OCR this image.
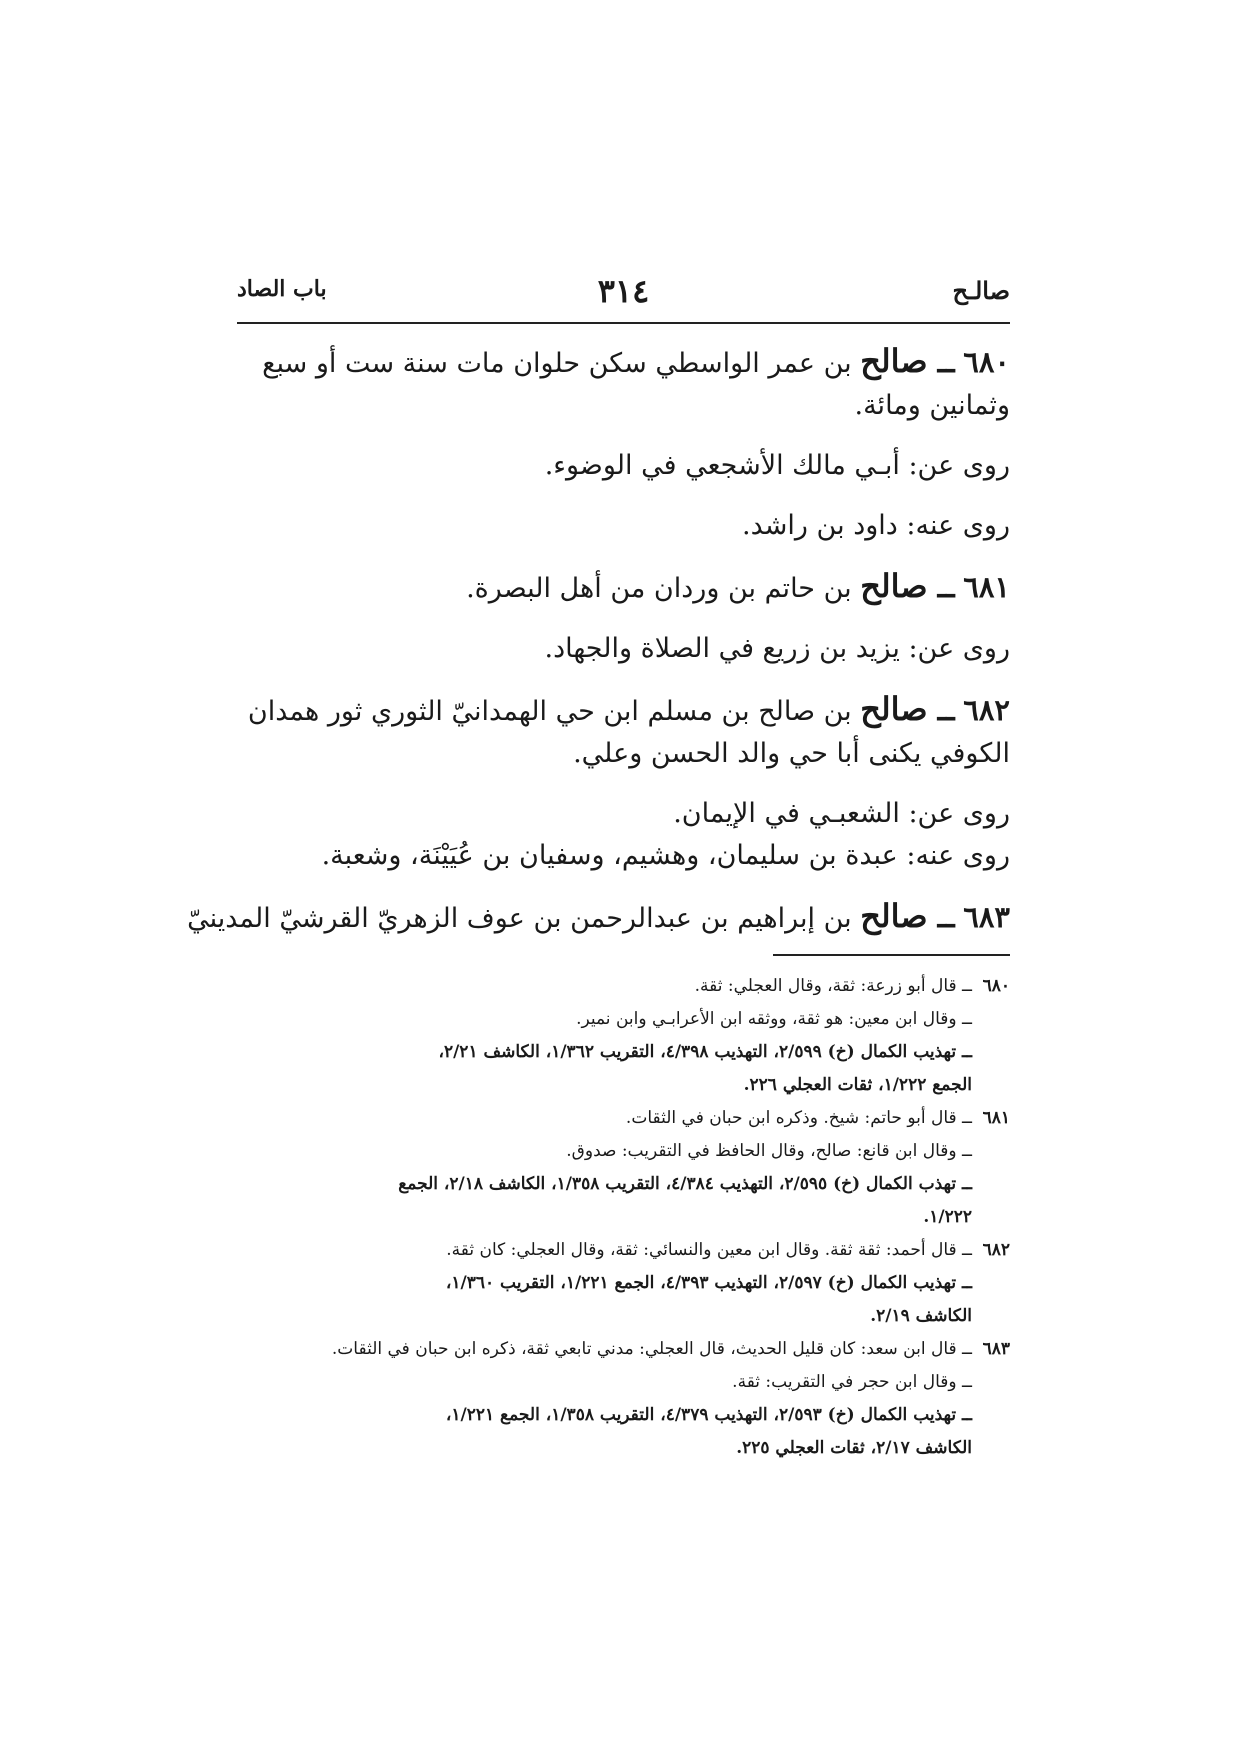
صالـح
٣١٤
باب الصاد
٦٨٠ ــ صالح بن عمر الواسطي سكن حلوان مات سنة ست أو سبع
وثمانين ومائة.
روى عن: أبـي مالك الأشجعي في الوضوء.
روى عنه: داود بن راشد.
٦٨١ ــ صالح بن حاتم بن وردان من أهل البصرة.
روى عن: يزيد بن زريع في الصلاة والجهاد.
٦٨٢ ــ صالح بن صالح بن مسلم ابن حي الهمدانيّ الثوري ثور همدان
الكوفي يكنى أبا حي والد الحسن وعلي.
روى عن: الشعبـي في الإيمان.
روى عنه: عبدة بن سليمان، وهشيم، وسفيان بن عُيَيْنَة، وشعبة.
٦٨٣ ــ صالح بن إبراهيم بن عبدالرحمن بن عوف الزهريّ القرشيّ المدينيّ
٦٨٠ــ قال أبو زرعة: ثقة، وقال العجلي: ثقة.
ــ وقال ابن معين: هو ثقة، ووثقه ابن الأعرابـي وابن نمير.
ــ تهذيب الكمال (خ) ٢/٥٩٩، التهذيب ٤/٣٩٨، التقريب ١/٣٦٢، الكاشف ٢/٢١،
الجمع ١/٢٢٢، ثقات العجلي ٢٢٦.
٦٨١ــ قال أبو حاتم: شيخ. وذكره ابن حبان في الثقات.
ــ وقال ابن قانع: صالح، وقال الحافظ في التقريب: صدوق.
ــ تهذب الكمال (خ) ٢/٥٩٥، التهذيب ٤/٣٨٤، التقريب ١/٣٥٨، الكاشف ٢/١٨، الجمع
١/٢٢٢.
٦٨٢ــ قال أحمد: ثقة ثقة. وقال ابن معين والنسائي: ثقة، وقال العجلي: كان ثقة.
ــ تهذيب الكمال (خ) ٢/٥٩٧، التهذيب ٤/٣٩٣، الجمع ١/٢٢١، التقريب ١/٣٦٠،
الكاشف ٢/١٩.
٦٨٣ــ قال ابن سعد: كان قليل الحديث، قال العجلي: مدني تابعي ثقة، ذكره ابن حبان في الثقات.
ــ وقال ابن حجر في التقريب: ثقة.
ــ تهذيب الكمال (خ) ٢/٥٩٣، التهذيب ٤/٣٧٩، التقريب ١/٣٥٨، الجمع ١/٢٢١،
الكاشف ٢/١٧، ثقات العجلي ٢٢٥.
